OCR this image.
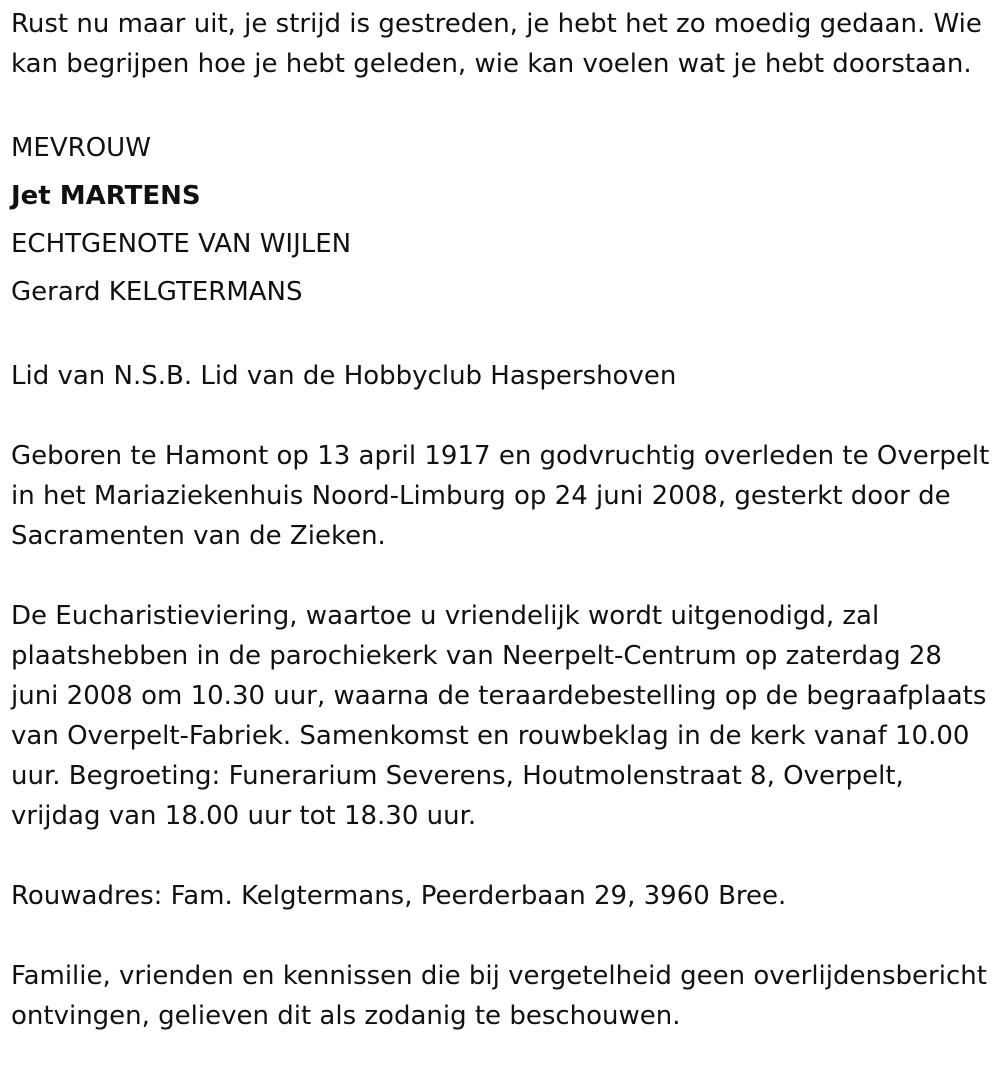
Rust nu maar uit, je strijd is gestreden, je hebt het zo moedig gedaan. Wie kan begrijpen hoe je hebt geleden, wie kan voelen wat je hebt doorstaan.

MEVROUW

Jet MARTENS

ECHTGENOTE VAN WIJLEN

Gerard KELGTERMANS

Lid van N.S.B. Lid van de Hobbyclub Haspershoven

Geboren te Hamont op 13 april 1917 en godvruchtig overleden te Overpelt in het Mariaziekenhuis Noord-Limburg op 24 juni 2008, gesterkt door de Sacramenten van de Zieken.

De Eucharistieviering, waartoe u vriendelijk wordt uitgenodigd, zal plaatshebben in de parochiekerk van Neerpelt-Centrum op zaterdag 28 juni 2008 om 10.30 uur, waarna de teraardebestelling op de begraafplaats van Overpelt-Fabriek. Samenkomst en rouwbeklag in de kerk vanaf 10.00 uur. Begroeting: Funerarium Severens, Houtmolenstraat 8, Overpelt, vrijdag van 18.00 uur tot 18.30 uur.

Rouwadres: Fam. Kelgtermans, Peerderbaan 29, 3960 Bree.

Familie, vrienden en kennissen die bij vergetelheid geen overlijdensbericht ontvingen, gelieven dit als zodanig te beschouwen.
